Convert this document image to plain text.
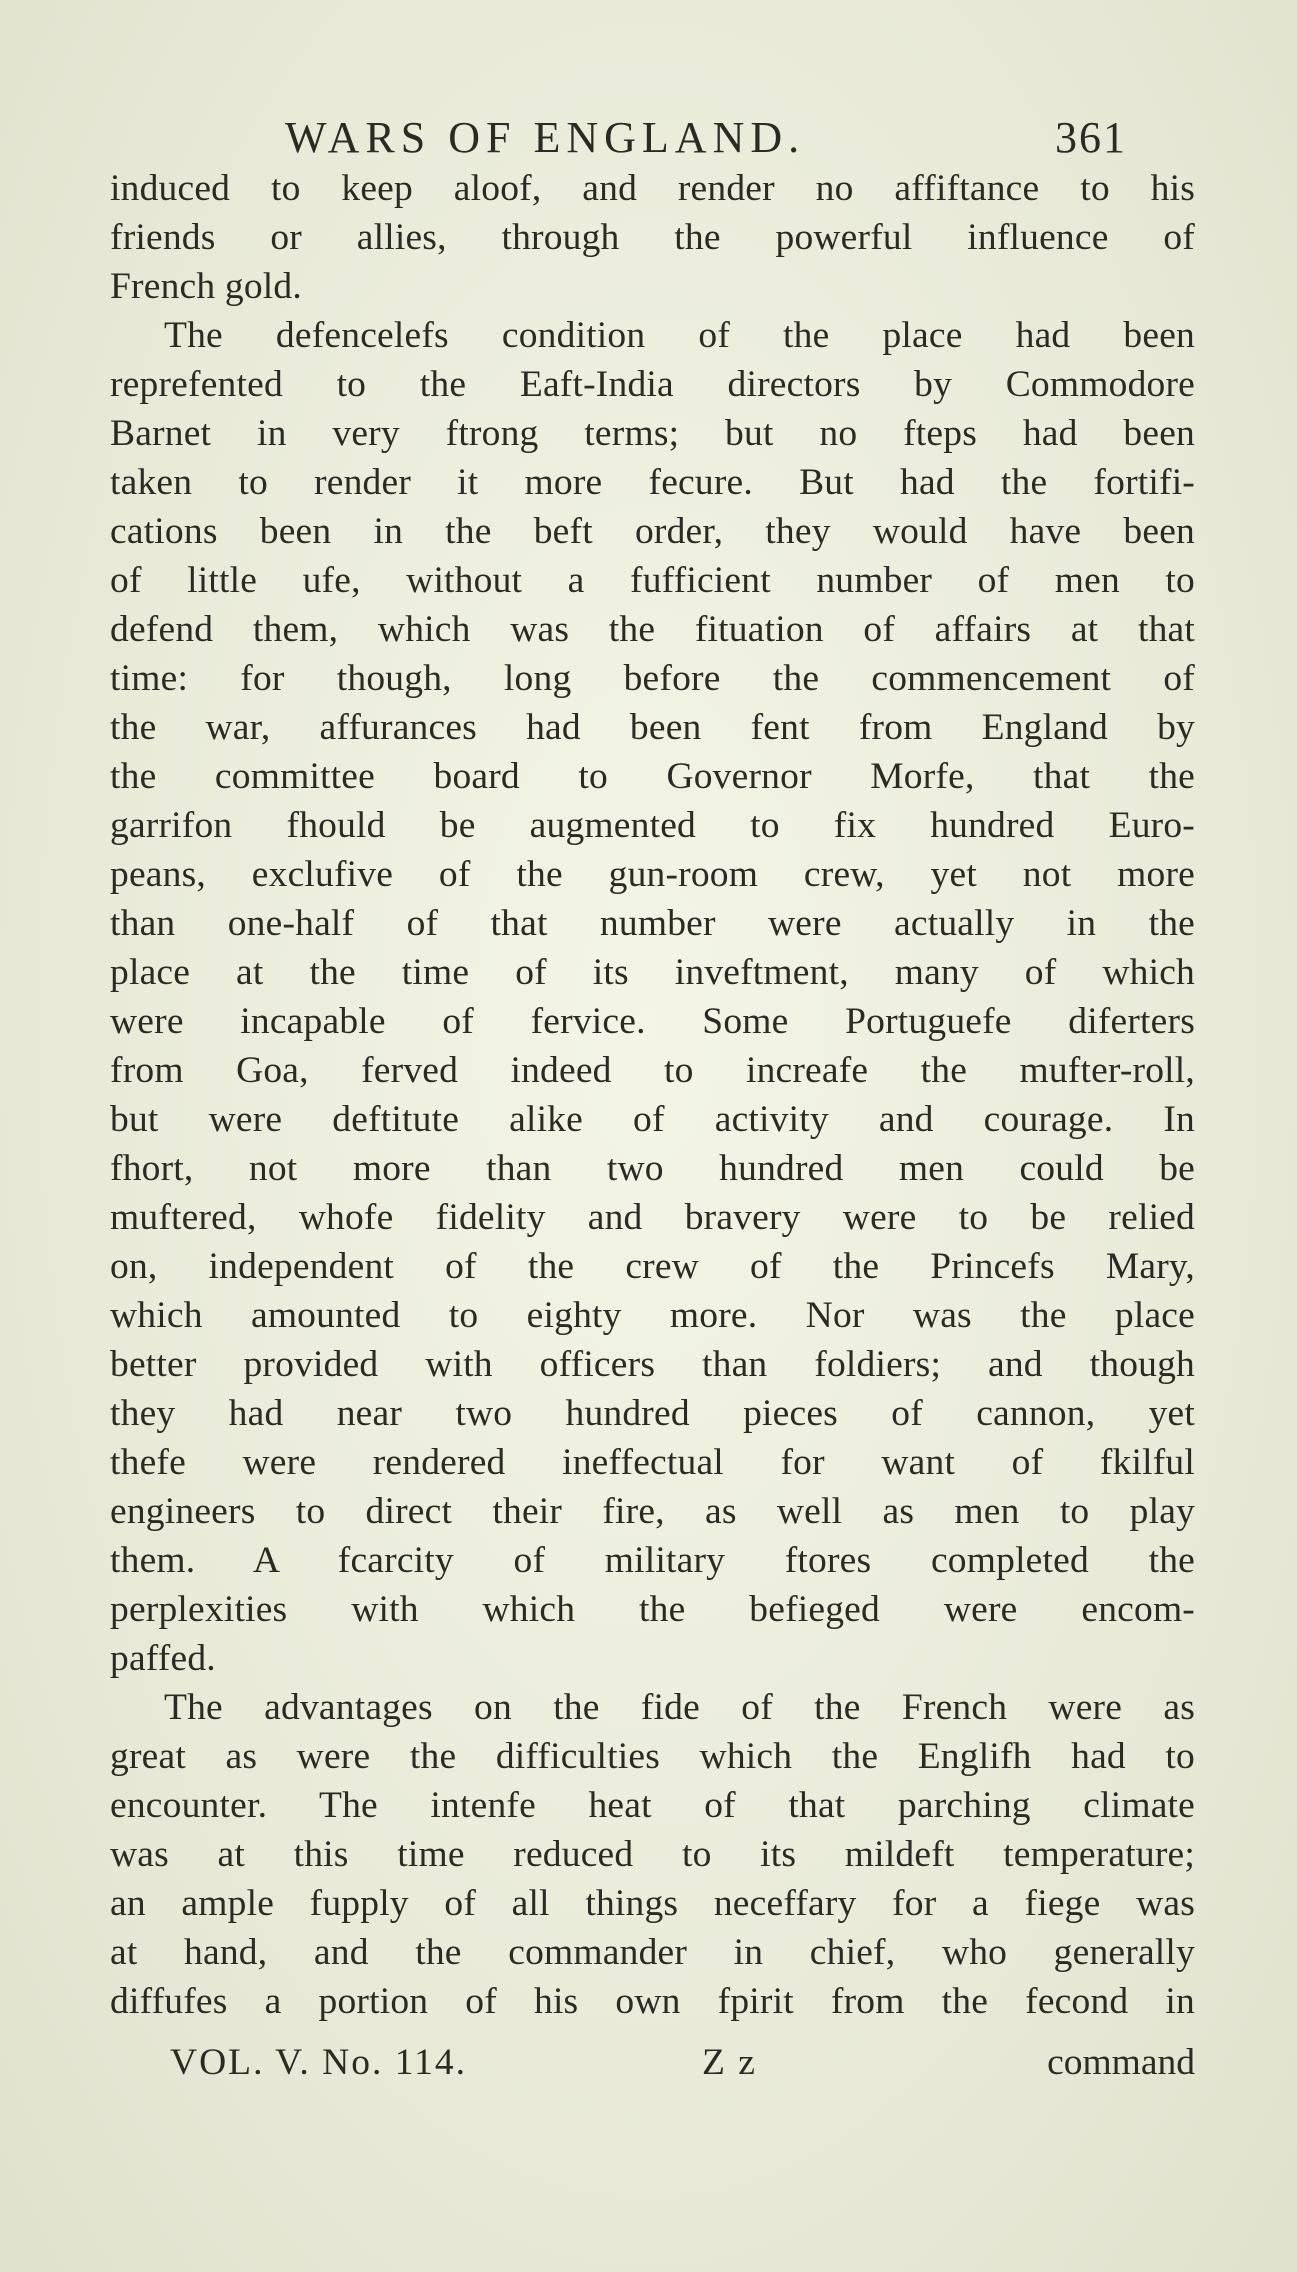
WARS OF ENGLAND.	361
induced to keep aloof, and render no affiftance to his
friends or allies, through the powerful influence of
French gold.
The defencelefs condition of the place had been
reprefented to the Eaft-India directors by Commodore
Barnet in very ftrong terms; but no fteps had been
taken to render it more fecure. But had the fortifi-
cations been in the beft order, they would have been
of little ufe, without a fufficient number of men to
defend them, which was the fituation of affairs at that
time: for though, long before the commencement of
the war, affurances had been fent from England by
the committee board to Governor Morfe, that the
garrifon fhould be augmented to fix hundred Euro-
peans, exclufive of the gun-room crew, yet not more
than one-half of that number were actually in the
place at the time of its inveftment, many of which
were incapable of fervice. Some Portuguefe diferters
from Goa, ferved indeed to increafe the mufter-roll,
but were deftitute alike of activity and courage. In
fhort, not more than two hundred men could be
muftered, whofe fidelity and bravery were to be relied
on, independent of the crew of the Princefs Mary,
which amounted to eighty more. Nor was the place
better provided with officers than foldiers; and though
they had near two hundred pieces of cannon, yet
thefe were rendered ineffectual for want of fkilful
engineers to direct their fire, as well as men to play
them. A fcarcity of military ftores completed the
perplexities with which the befieged were encom-
paffed.
The advantages on the fide of the French were as
great as were the difficulties which the Englifh had to
encounter. The intenfe heat of that parching climate
was at this time reduced to its mildeft temperature;
an ample fupply of all things neceffary for a fiege was
at hand, and the commander in chief, who generally
diffufes a portion of his own fpirit from the fecond in
VOL. V. No. 114.	Z z	command
